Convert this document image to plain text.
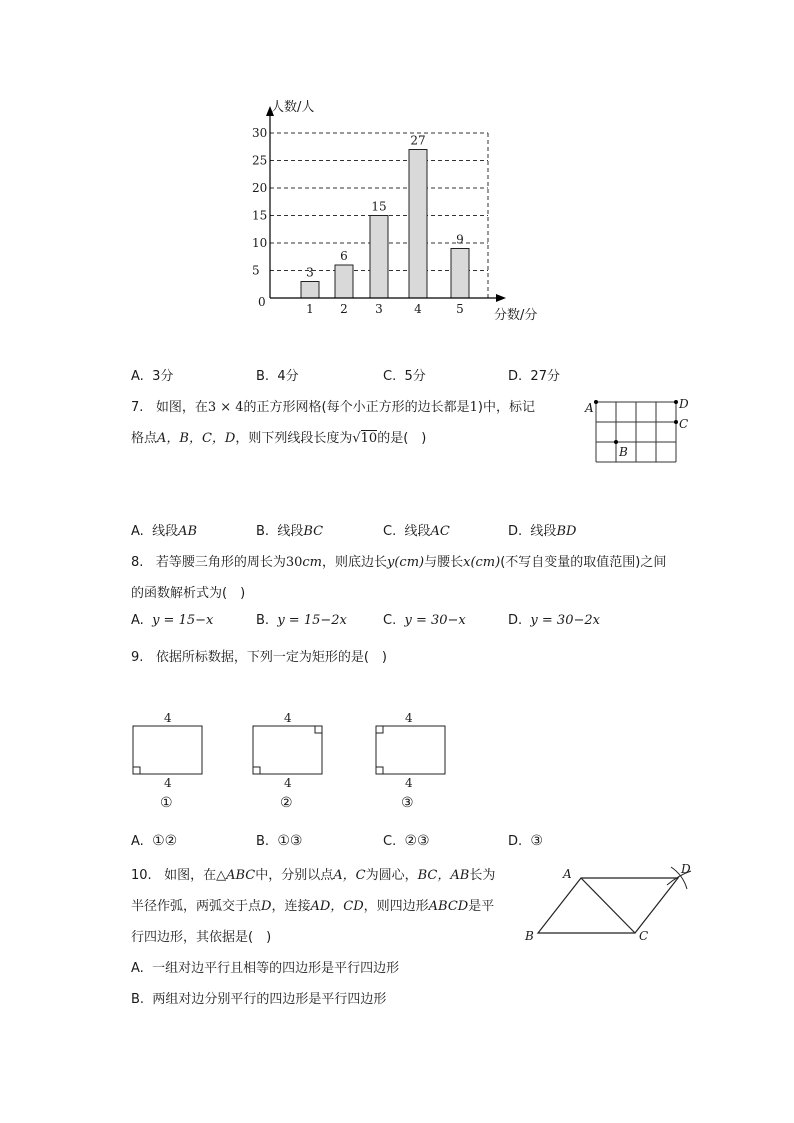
0
5
10
15
20
25
30
3
1
6
2
15
3
27
4
9
5
人数/人
分数/分
A. 3分	B. 4分	C. 5分	D. 27分
7. 如图，在3 × 4的正方形网格(每个小正方形的边长都是1)中，标记
格点A，B，C，D，则下列线段长度为√10的是(　)
A	D
C
B
A. 线段AB	B. 线段BC	C. 线段AC	D. 线段BD
8. 若等腰三角形的周长为30cm，则底边长y(cm)与腰长x(cm)(不写自变量的取值范围)之间
的函数解析式为(　)
A. y = 15−x	B. y = 15−2x	C. y = 30−x	D. y = 30−2x
9. 依据所标数据，下列一定为矩形的是(　)
4
4
①
4
4
②
4
4
③
A. ①②	B. ①③	C. ②③	D. ③
10. 如图，在△ABC中，分别以点A，C为圆心，BC，AB长为
半径作弧，两弧交于点D，连接AD，CD，则四边形ABCD是平
行四边形，其依据是(　)
A	D
B	C
A. 一组对边平行且相等的四边形是平行四边形
B. 两组对边分别平行的四边形是平行四边形
